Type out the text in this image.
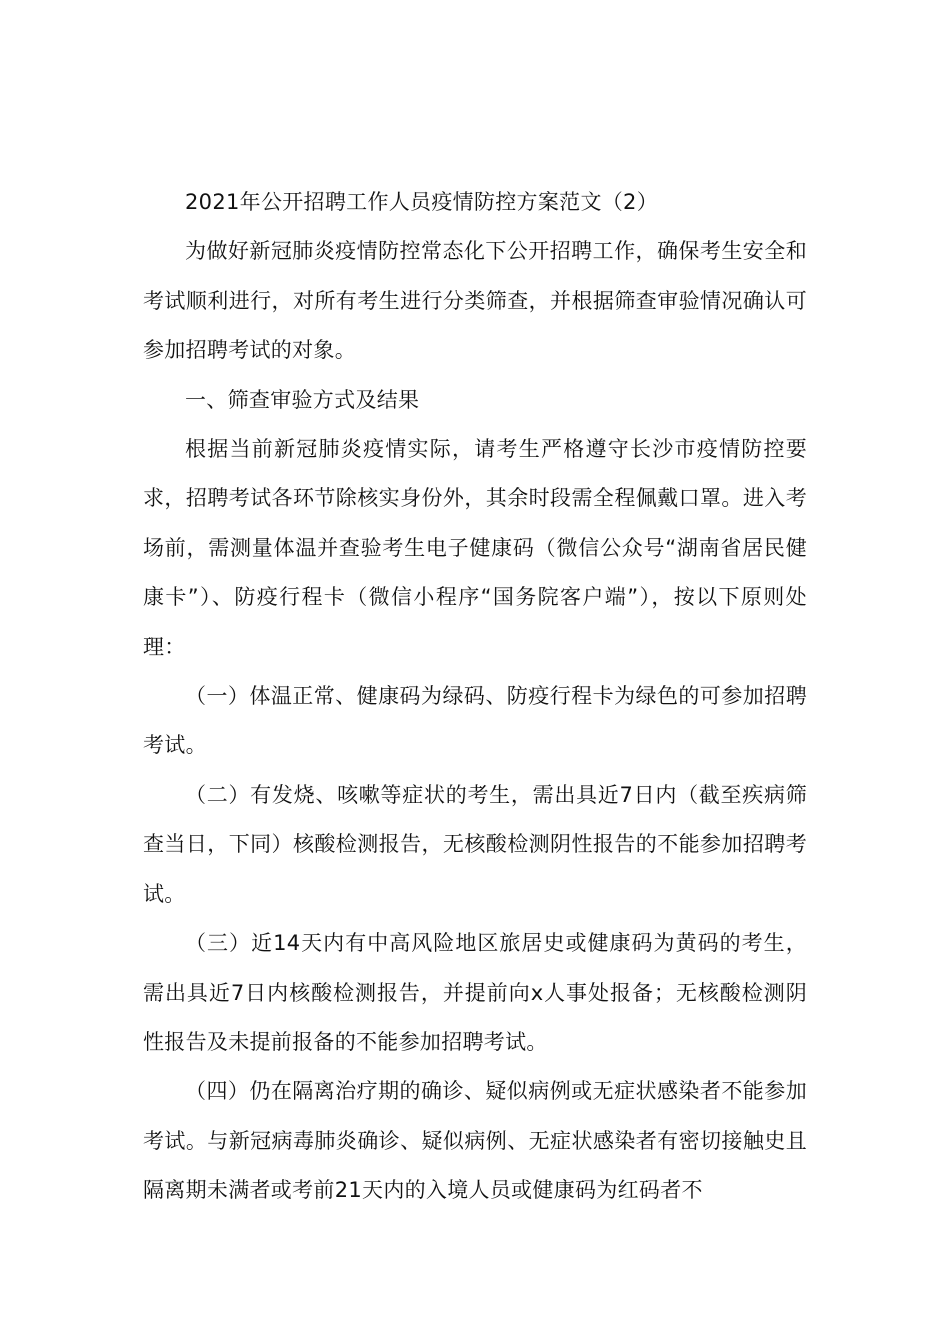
2021年公开招聘工作人员疫情防控方案范文（2）

为做好新冠肺炎疫情防控常态化下公开招聘工作，确保考生安全和考试顺利进行，对所有考生进行分类筛查，并根据筛查审验情况确认可参加招聘考试的对象。

一、筛查审验方式及结果

根据当前新冠肺炎疫情实际，请考生严格遵守长沙市疫情防控要求，招聘考试各环节除核实身份外，其余时段需全程佩戴口罩。进入考场前，需测量体温并查验考生电子健康码（微信公众号“湖南省居民健康卡”）、防疫行程卡（微信小程序“国务院客户端”），按以下原则处理：

（一）体温正常、健康码为绿码、防疫行程卡为绿色的可参加招聘考试。

（二）有发烧、咳嗽等症状的考生，需出具近7日内（截至疾病筛查当日，下同）核酸检测报告，无核酸检测阴性报告的不能参加招聘考试。

（三）近14天内有中高风险地区旅居史或健康码为黄码的考生，需出具近7日内核酸检测报告，并提前向x人事处报备；无核酸检测阴性报告及未提前报备的不能参加招聘考试。

（四）仍在隔离治疗期的确诊、疑似病例或无症状感染者不能参加考试。与新冠病毒肺炎确诊、疑似病例、无症状感染者有密切接触史且隔离期未满者或考前21天内的入境人员或健康码为红码者不
